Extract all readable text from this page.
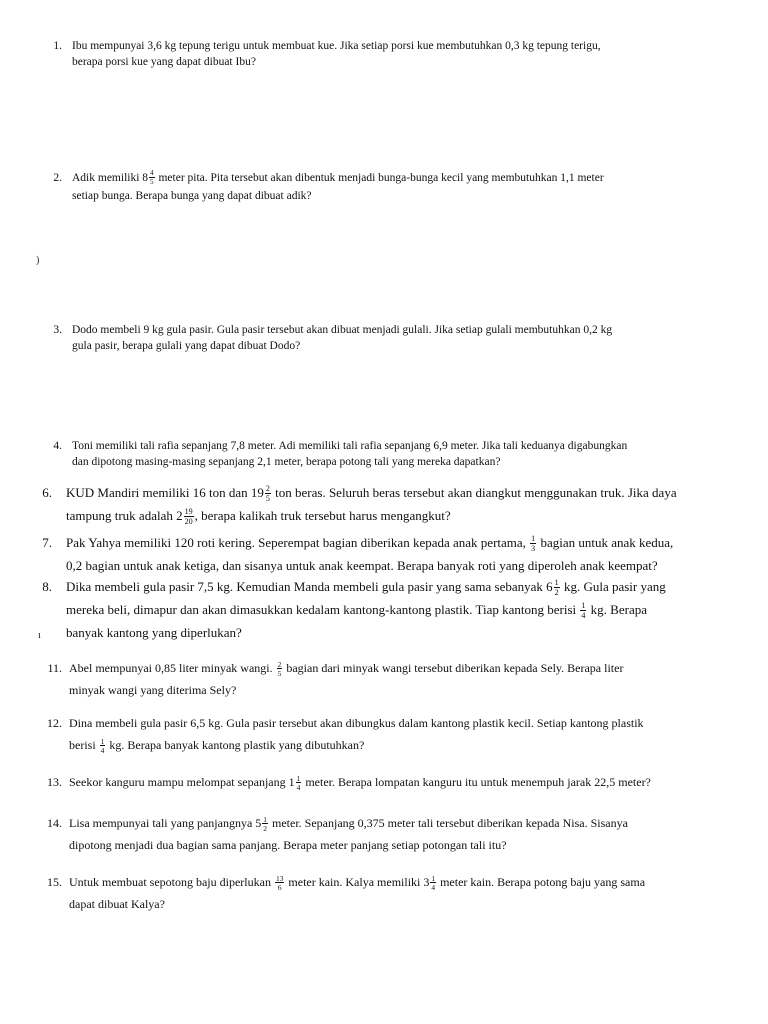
1. Ibu mempunyai 3,6 kg tepung terigu untuk membuat kue. Jika setiap porsi kue membutuhkan 0,3 kg tepung terigu,
berapa porsi kue yang dapat dibuat Ibu?
2. Adik memiliki $8 \frac{4}{5}$ meter pita. Pita tersebut akan dibentuk menjadi bunga-bunga kecil yang membutuhkan 1,1 meter
setiap bunga. Berapa bunga yang dapat dibuat adik?
)
3. Dodo membeli 9 kg gula pasir. Gula pasir tersebut akan dibuat menjadi gulali. Jika setiap gulali membutuhkan 0,2 kg
gula pasir, berapa gulali yang dapat dibuat Dodo?
4. Toni memiliki tali rafia sepanjang 7,8 meter. Adi memiliki tali rafia sepanjang 6,9 meter. Jika tali keduanya digabungkan
dan dipotong masing-masing sepanjang 2,1 meter, berapa potong tali yang mereka dapatkan?
6. KUD Mandiri memiliki 16 ton dan $19 \frac{2}{5}$ ton beras. Seluruh beras tersebut akan diangkut menggunakan truk. Jika daya
tampung truk adalah $2 \frac{19}{20}$ , berapa kalikah truk tersebut harus mengangkut?
7. Pak Yahya memiliki 120 roti kering. Seperempat bagian diberikan kepada anak pertama, $\frac{1}{3}$ bagian untuk anak kedua,
0,2 bagian untuk anak ketiga, dan sisanya untuk anak keempat. Berapa banyak roti yang diperoleh anak keempat?
8. Dika membeli gula pasir 7,5 kg. Kemudian Manda membeli gula pasir yang sama sebanyak $6 \frac{1}{2}$ kg. Gula pasir yang
mereka beli, dimapur dan akan dimasukkan kedalam kantong-kantong plastik. Tiap kantong berisi $\frac{1}{4}$ kg. Berapa
banyak kantong yang diperlukan?
ı
11. Abel mempunyai 0,85 liter minyak wangi. $\frac{2}{5}$ bagian dari minyak wangi tersebut diberikan kepada Sely. Berapa liter
minyak wangi yang diterima Sely?
12. Dina membeli gula pasir 6,5 kg. Gula pasir tersebut akan dibungkus dalam kantong plastik kecil. Setiap kantong plastik
berisi $\frac{1}{4}$ kg. Berapa banyak kantong plastik yang dibutuhkan?
13. Seekor kanguru mampu melompat sepanjang $1 \frac{1}{4}$ meter. Berapa lompatan kanguru itu untuk menempuh jarak 22,5 meter?
14. Lisa mempunyai tali yang panjangnya $5 \frac{1}{2}$ meter. Sepanjang 0,375 meter tali tersebut diberikan kepada Nisa. Sisanya
dipotong menjadi dua bagian sama panjang. Berapa meter panjang setiap potongan tali itu?
15. Untuk membuat sepotong baju diperlukan $\frac{13}{6}$ meter kain. Kalya memiliki $3 \frac{1}{4}$ meter kain. Berapa potong baju yang sama
dapat dibuat Kalya?
